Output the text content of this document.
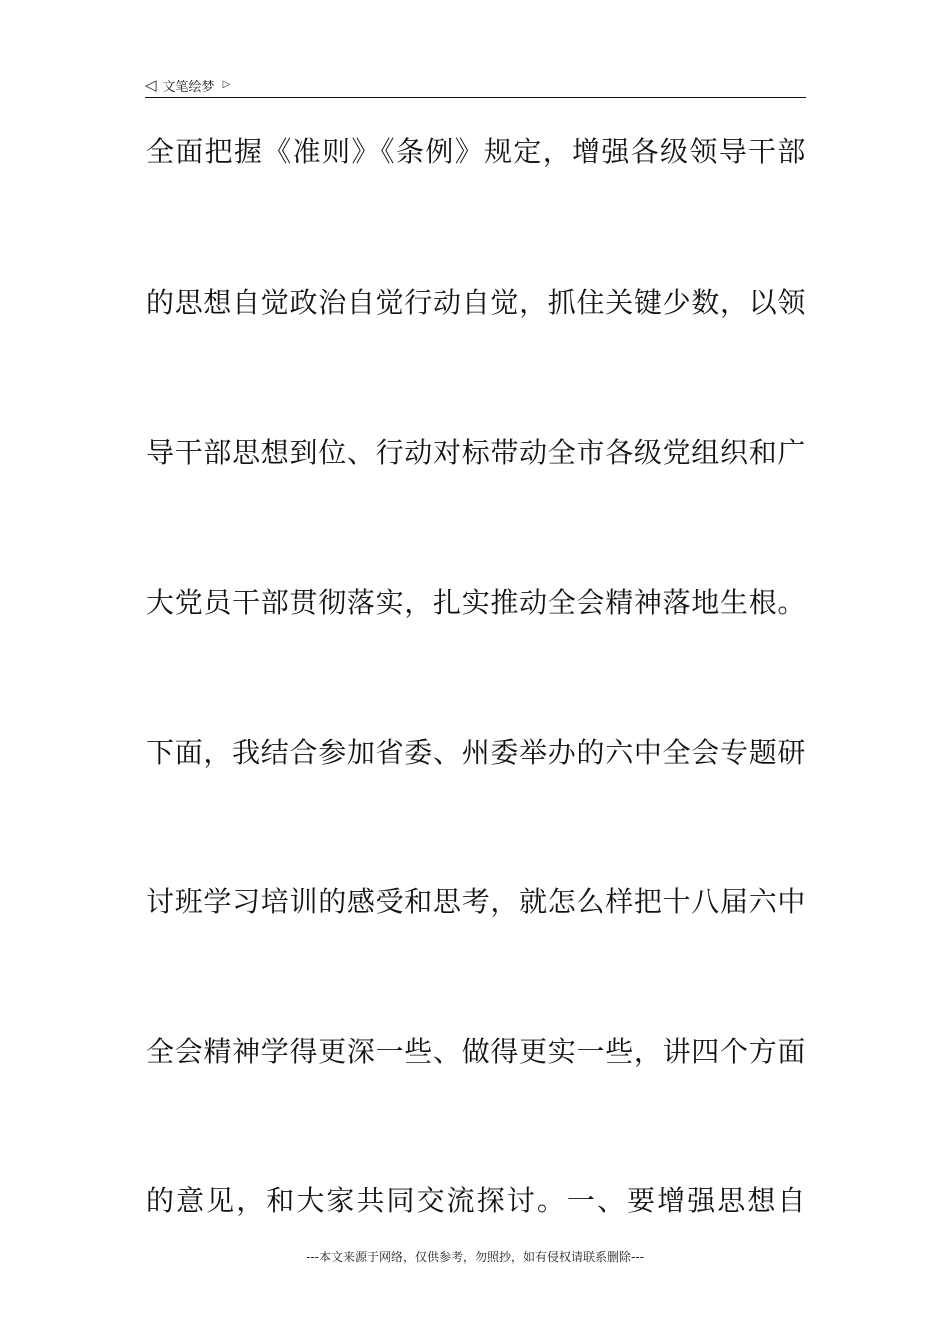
◁ 文笔绘梦 ▷
全面把握《准则》《条例》规定，增强各级领导干部
的思想自觉政治自觉行动自觉，抓住关键少数，以领
导干部思想到位、行动对标带动全市各级党组织和广
大党员干部贯彻落实，扎实推动全会精神落地生根。
下面，我结合参加省委、州委举办的六中全会专题研
讨班学习培训的感受和思考，就怎么样把十八届六中
全会精神学得更深一些、做得更实一些，讲四个方面
的意见，和大家共同交流探讨。一、要增强思想自
---本文来源于网络，仅供参考，勿照抄，如有侵权请联系删除---
